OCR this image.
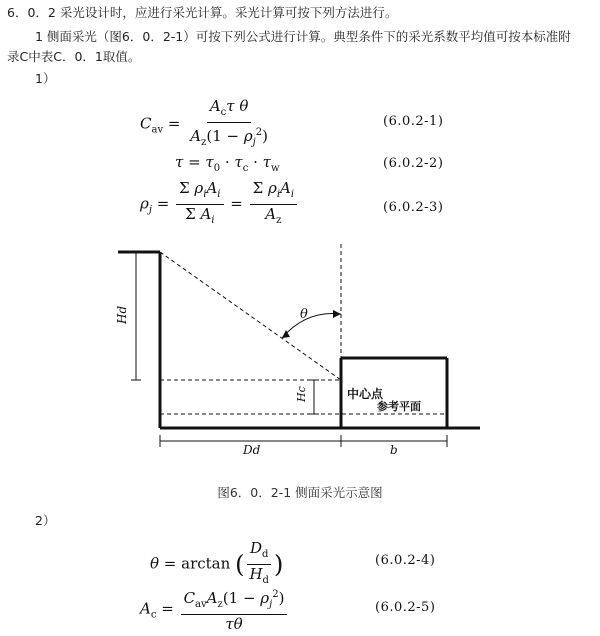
6．0．2 采光设计时，应进行采光计算。采光计算可按下列方法进行。
1 侧面采光（图6．0．2-1）可按下列公式进行计算。典型条件下的采光系数平均值可按本标准附
录C中表C．0．1取值。
1）
$C_{av} = \frac{A_c\tau \theta}{A_z(1 - \rho_j^2)}$	(6.0.2-1)
$\tau = \tau_0 \cdot \tau_c \cdot \tau_w$	(6.0.2-2)
$\rho_j = \frac{\Sigma \rho_iA_i}{\Sigma A_i} = \frac{\Sigma \rho_iA_i}{A_z}$	(6.0.2-3)
Hd
Hc
θ
中心点
参考平面
Dd	b
图6．0．2-1 侧面采光示意图
2）
θ = arctan ( $\frac{D_d}{H_d}$ )	(6.0.2-4)
$A_c = \frac{C_{av}A_z(1 - \rho_j^2)}{\tau\theta}$	(6.0.2-5)
